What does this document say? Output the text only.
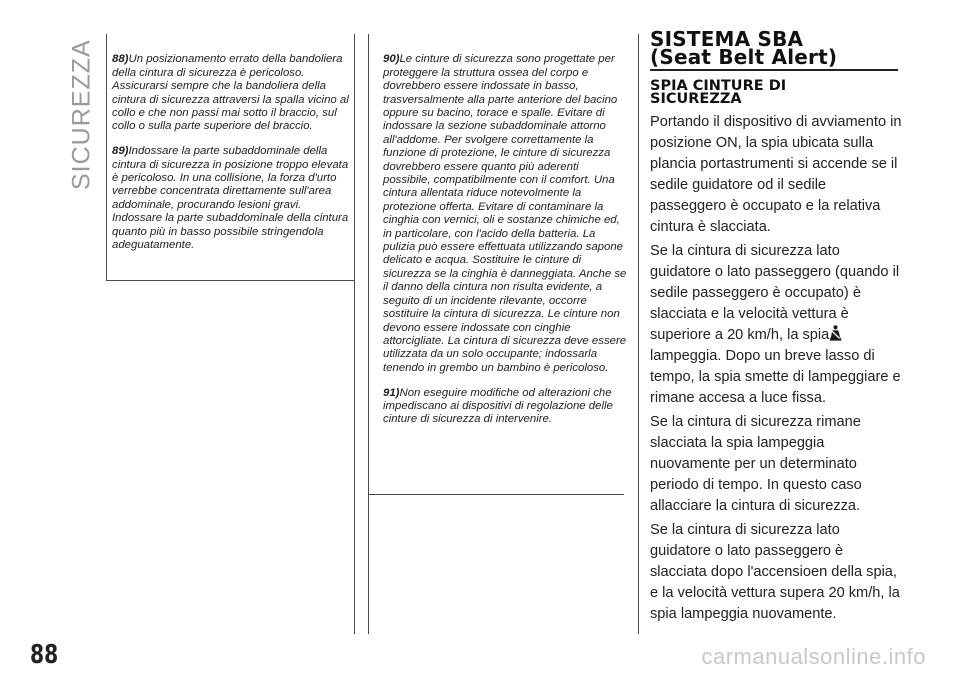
SICUREZZA	88)Un posizionamento errato della bandoliera della cintura di sicurezza è pericoloso. Assicurarsi sempre che la bandoliera della cintura di sicurezza attraversi la spalla vicino al collo e che non passi mai sotto il braccio, sul collo o sulla parte superiore del braccio.

89)Indossare la parte subaddominale della cintura di sicurezza in posizione troppo elevata è pericoloso. In una collisione, la forza d'urto verrebbe concentrata direttamente sull'area addominale, procurando lesioni gravi. Indossare la parte subaddominale della cintura quanto più in basso possibile stringendola adeguatamente.

90)Le cinture di sicurezza sono progettate per proteggere la struttura ossea del corpo e dovrebbero essere indossate in basso, trasversalmente alla parte anteriore del bacino oppure su bacino, torace e spalle. Evitare di indossare la sezione subaddominale attorno all'addome. Per svolgere correttamente la funzione di protezione, le cinture di sicurezza dovrebbero essere quanto più aderenti possibile, compatibilmente con il comfort. Una cintura allentata riduce notevolmente la protezione offerta. Evitare di contaminare la cinghia con vernici, oli e sostanze chimiche ed, in particolare, con l'acido della batteria. La pulizia può essere effettuata utilizzando sapone delicato e acqua. Sostituire le cinture di sicurezza se la cinghia è danneggiata. Anche se il danno della cintura non risulta evidente, a seguito di un incidente rilevante, occorre sostituire la cintura di sicurezza. Le cinture non devono essere indossate con cinghie attorcigliate. La cintura di sicurezza deve essere utilizzata da un solo occupante; indossarla tenendo in grembo un bambino è pericoloso.

91)Non eseguire modifiche od alterazioni che impediscano ai dispositivi di regolazione delle cinture di sicurezza di intervenire.

SISTEMA SBA
(Seat Belt Alert)
SPIA CINTURE DI
SICUREZZA

Portando il dispositivo di avviamento in posizione ON, la spia ubicata sulla plancia portastrumenti si accende se il sedile guidatore od il sedile passeggero è occupato e la relativa cintura è slacciata.

Se la cintura di sicurezza lato guidatore o lato passeggero (quando il sedile passeggero è occupato) è slacciata e la velocità vettura è superiore a 20 km/h, la spialampeggia. Dopo un breve lasso di tempo, la spia smette di lampeggiare e rimane accesa a luce fissa.

Se la cintura di sicurezza rimane slacciata la spia lampeggia nuovamente per un determinato periodo di tempo. In questo caso allacciare la cintura di sicurezza.

Se la cintura di sicurezza lato guidatore o lato passeggero è slacciata dopo l'accensioen della spia, e la velocità vettura supera 20 km/h, la spia lampeggia nuovamente.

88	carmanualsonline.info
